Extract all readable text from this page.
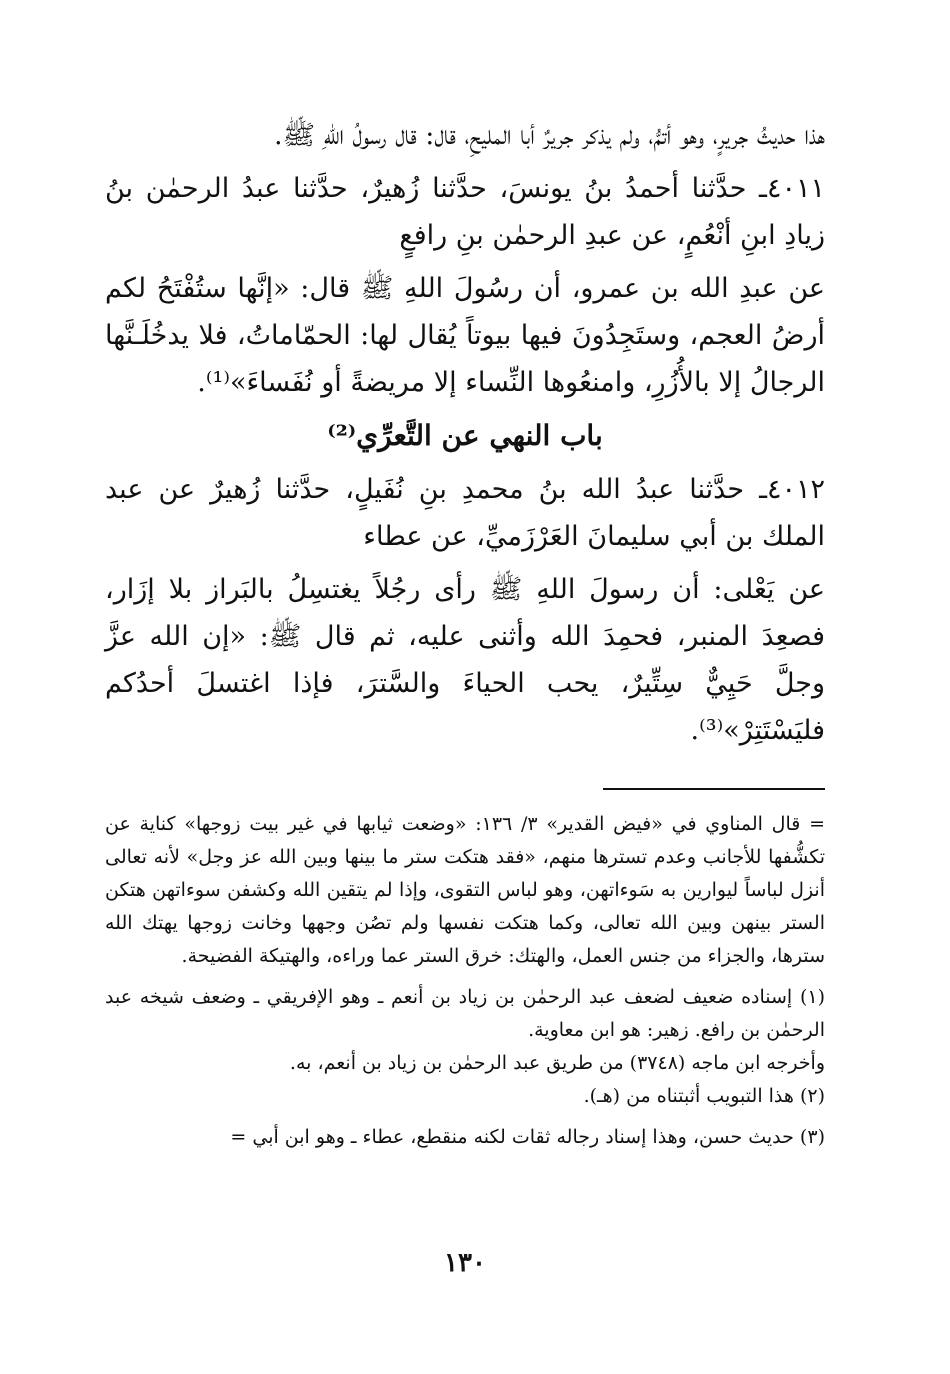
هذا حديثُ جريرٍ، وهو أتمُّ، ولم يذكر جريرٌ أبا المليحِ، قال: قال رسولُ اللهِ ﷺ.

٤٠١١ـ حدَّثنا أحمدُ بنُ يونسَ، حدَّثنا زُهيرٌ، حدَّثنا عبدُ الرحمٰن بنُ زيادِ ابنِ أنْعُمٍ، عن عبدِ الرحمٰن بنِ رافعٍ

عن عبدِ الله بن عمرو، أن رسُولَ اللهِ ﷺ قال: «إنَّها ستُفْتَحُ لكم أرضُ العجم، وستَجِدُونَ فيها بيوتاً يُقال لها: الحمّاماتُ، فلا يدخُلَـنَّها الرجالُ إلا بالأُزُرِ، وامنعُوها النِّساء إلا مريضةً أو نُفَساءَ»⁽¹⁾.

باب النهي عن التَّعرِّي⁽²⁾

٤٠١٢ـ حدَّثنا عبدُ الله بنُ محمدِ بنِ نُفَيلٍ، حدَّثنا زُهيرٌ عن عبد الملك بن أبي سليمانَ العَرْزَميِّ، عن عطاء

عن يَعْلى: أن رسولَ اللهِ ﷺ رأى رجُلاً يغتسِلُ بالبَراز بلا إزَار، فصعِدَ المنبر، فحمِدَ الله وأثنى عليه، ثم قال ﷺ: «إن الله عزَّ وجلَّ حَيِيٌّ سِتِّيرٌ، يحب الحياءَ والسَّترَ، فإذا اغتسلَ أحدُكم فليَسْتَتِرْ»⁽³⁾.

= قال المناوي في «فيض القدير» ٣/ ١٣٦: «وضعت ثيابها في غير بيت زوجها» كناية عن تكشُّفها للأجانب وعدم تسترها منهم، «فقد هتكت ستر ما بينها وبين الله عز وجل» لأنه تعالى أنزل لباساً ليوارين به سَوءاتهن، وهو لباس التقوى، وإذا لم يتقين الله وكشفن سوءاتهن هتكن الستر بينهن وبين الله تعالى، وكما هتكت نفسها ولم تصُن وجهها وخانت زوجها يهتك الله سترها، والجزاء من جنس العمل، والهتك: خرق الستر عما وراءه، والهتيكة الفضيحة.

(١) إسناده ضعيف لضعف عبد الرحمٰن بن زياد بن أنعم ـ وهو الإفريقي ـ وضعف شيخه عبد الرحمٰن بن رافع. زهير: هو ابن معاوية.

وأخرجه ابن ماجه (٣٧٤٨) من طريق عبد الرحمٰن بن زياد بن أنعم، به.

(٢) هذا التبويب أثبتناه من (هـ).

(٣) حديث حسن، وهذا إسناد رجاله ثقات لكنه منقطع، عطاء ـ وهو ابن أبي =

١٣٠
